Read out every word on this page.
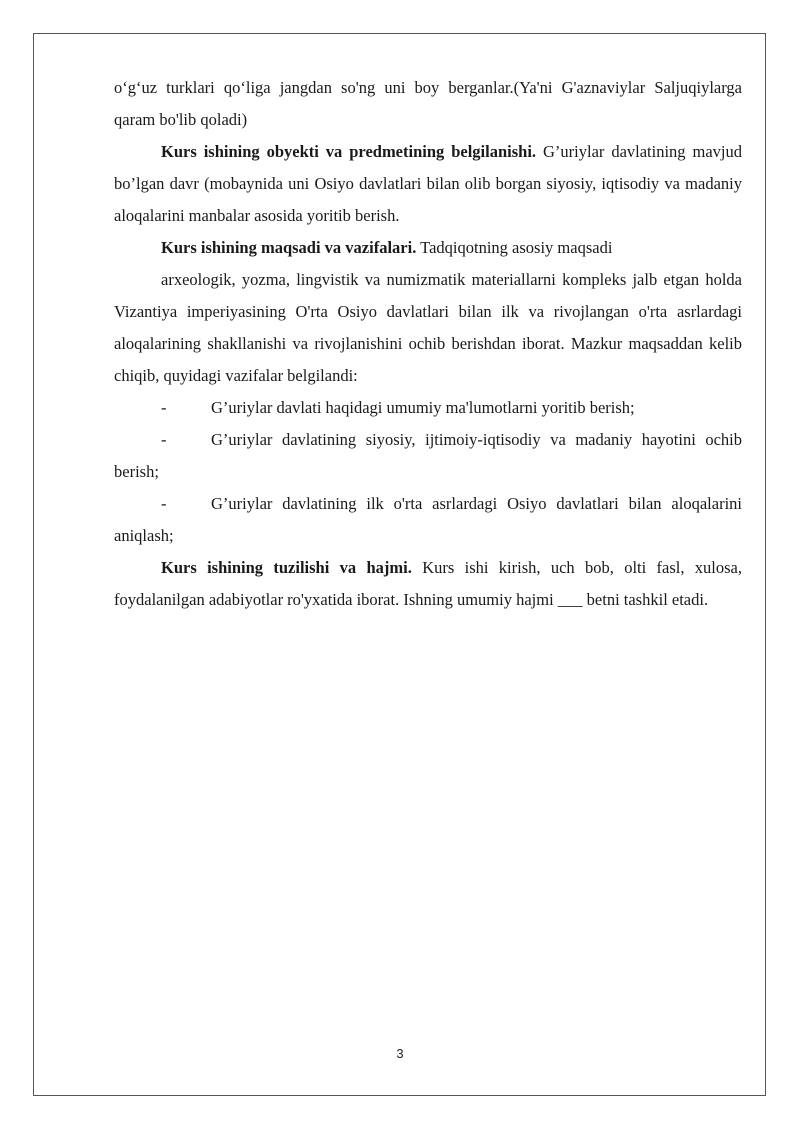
o‘g‘uz turklari qo‘liga jangdan so'ng uni boy berganlar.(Ya'ni G'aznaviylar Saljuqiylarga qaram bo'lib qoladi)

Kurs ishining obyekti va predmetining belgilanishi. G’uriylar davlatining mavjud bo’lgan davr (mobaynida uni Osiyo davlatlari bilan olib borgan siyosiy, iqtisodiy va madaniy aloqalarini manbalar asosida yoritib berish.

Kurs ishining maqsadi va vazifalari. Tadqiqotning asosiy maqsadi

arxeologik, yozma, lingvistik va numizmatik materiallarni kompleks jalb etgan holda Vizantiya imperiyasining O'rta Osiyo davlatlari bilan ilk va rivojlangan o'rta asrlardagi aloqalarining shakllanishi va rivojlanishini ochib berishdan iborat. Mazkur maqsaddan kelib chiqib, quyidagi vazifalar belgilandi:

-	G’uriylar davlati haqidagi umumiy ma'lumotlarni yoritib berish;

-	G’uriylar davlatining siyosiy, ijtimoiy-iqtisodiy va madaniy hayotini ochib berish;

-	G’uriylar davlatining ilk o'rta asrlardagi Osiyo davlatlari bilan aloqalarini aniqlash;

Kurs ishining tuzilishi va hajmi. Kurs ishi kirish, uch bob, olti fasl, xulosa, foydalanilgan adabiyotlar ro'yxatida iborat. Ishning umumiy hajmi ___ betni tashkil etadi.

3
